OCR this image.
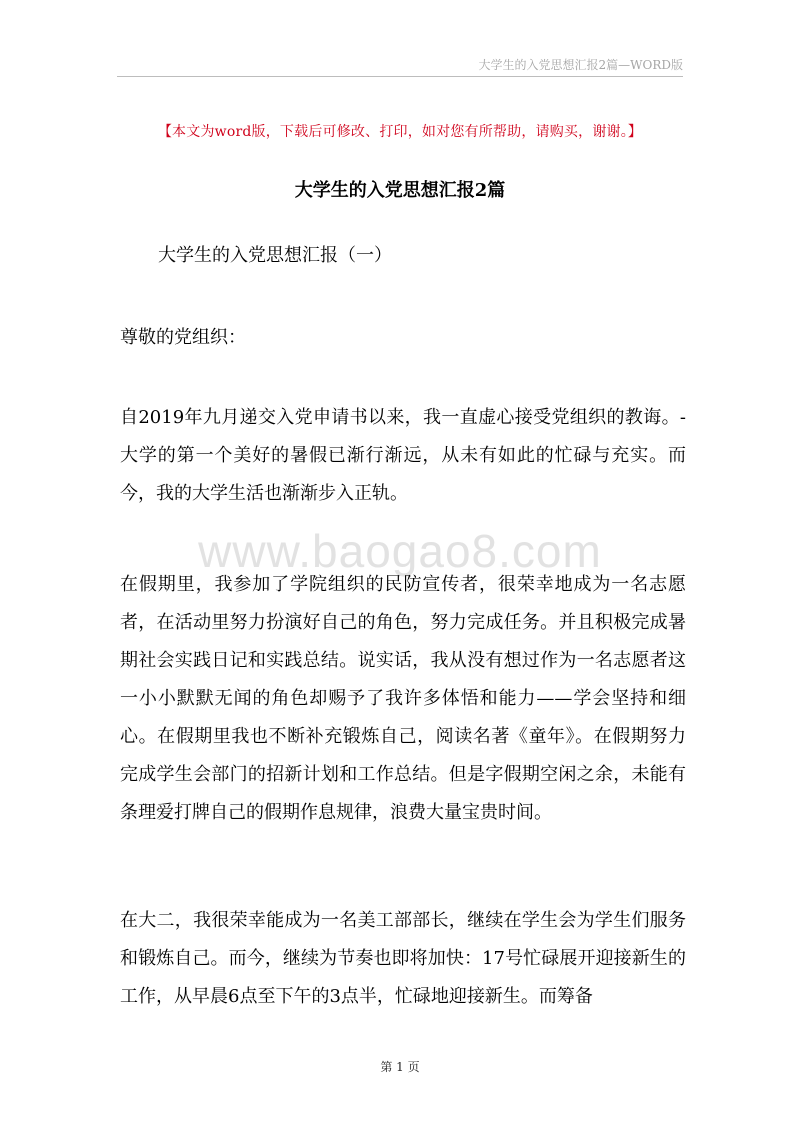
大学生的入党思想汇报2篇—WORD版
【本文为word版，下载后可修改、打印，如对您有所帮助，请购买，谢谢。】
大学生的入党思想汇报2篇
大学生的入党思想汇报（一）
尊敬的党组织：

自2019年九月递交入党申请书以来，我一直虚心接受党组织的教诲。-大学的第一个美好的暑假已渐行渐远，从未有如此的忙碌与充实。而今，我的大学生活也渐渐步入正轨。

www.baogao8.com

在假期里，我参加了学院组织的民防宣传者，很荣幸地成为一名志愿者，在活动里努力扮演好自己的角色，努力完成任务。并且积极完成暑期社会实践日记和实践总结。说实话，我从没有想过作为一名志愿者这一小小默默无闻的角色却赐予了我许多体悟和能力——学会坚持和细心。在假期里我也不断补充锻炼自己，阅读名著《童年》。在假期努力完成学生会部门的招新计划和工作总结。但是字假期空闲之余，未能有条理爱打牌自己的假期作息规律，浪费大量宝贵时间。

在大二，我很荣幸能成为一名美工部部长，继续在学生会为学生们服务和锻炼自己。而今，继续为节奏也即将加快：17号忙碌展开迎接新生的工作，从早晨6点至下午的3点半，忙碌地迎接新生。而筹备

第 1 页
